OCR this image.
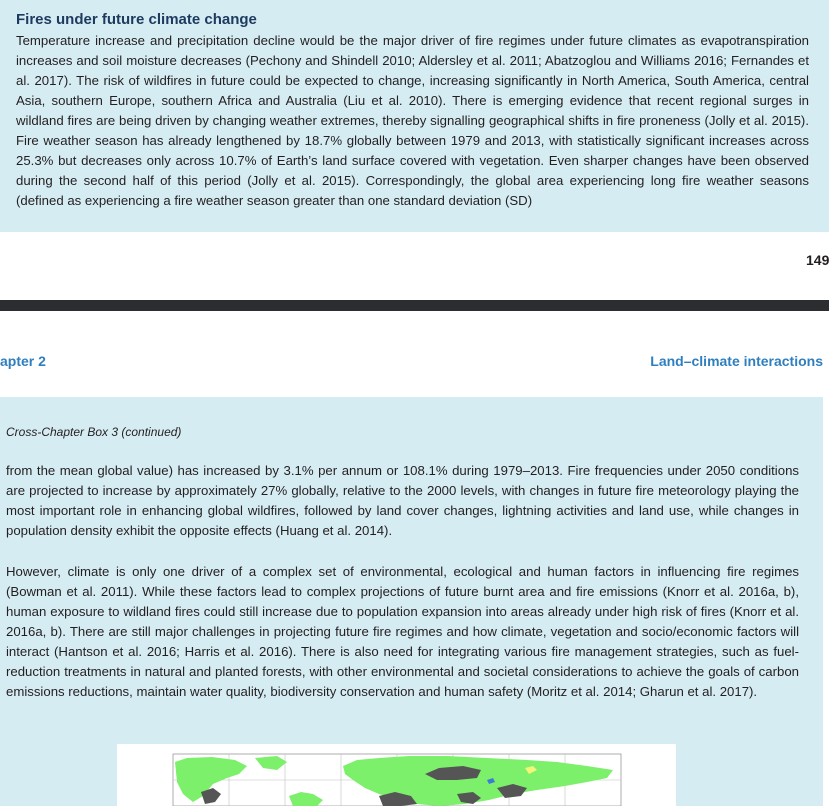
Fires under future climate change

Temperature increase and precipitation decline would be the major driver of fire regimes under future climates as evapotranspiration increases and soil moisture decreases (Pechony and Shindell 2010; Aldersley et al. 2011; Abatzoglou and Williams 2016; Fernandes et al. 2017). The risk of wildfires in future could be expected to change, increasing significantly in North America, South America, central Asia, southern Europe, southern Africa and Australia (Liu et al. 2010). There is emerging evidence that recent regional surges in wildland fires are being driven by changing weather extremes, thereby signalling geographical shifts in fire proneness (Jolly et al. 2015). Fire weather season has already lengthened by 18.7% globally between 1979 and 2013, with statistically significant increases across 25.3% but decreases only across 10.7% of Earth’s land surface covered with vegetation. Even sharper changes have been observed during the second half of this period (Jolly et al. 2015). Correspondingly, the global area experiencing long fire weather seasons (defined as experiencing a fire weather season greater than one standard deviation (SD)

149
apter 2	Land–climate interactions
Cross-Chapter Box 3 (continued)

from the mean global value) has increased by 3.1% per annum or 108.1% during 1979–2013. Fire frequencies under 2050 conditions are projected to increase by approximately 27% globally, relative to the 2000 levels, with changes in future fire meteorology playing the most important role in enhancing global wildfires, followed by land cover changes, lightning activities and land use, while changes in population density exhibit the opposite effects (Huang et al. 2014).

However, climate is only one driver of a complex set of environmental, ecological and human factors in influencing fire regimes (Bowman et al. 2011). While these factors lead to complex projections of future burnt area and fire emissions (Knorr et al. 2016a, b), human exposure to wildland fires could still increase due to population expansion into areas already under high risk of fires (Knorr et al. 2016a, b). There are still major challenges in projecting future fire regimes and how climate, vegetation and socio/economic factors will interact (Hantson et al. 2016; Harris et al. 2016). There is also need for integrating various fire management strategies, such as fuel-reduction treatments in natural and planted forests, with other environmental and societal considerations to achieve the goals of carbon emissions reductions, maintain water quality, biodiversity conservation and human safety (Moritz et al. 2014; Gharun et al. 2017).
